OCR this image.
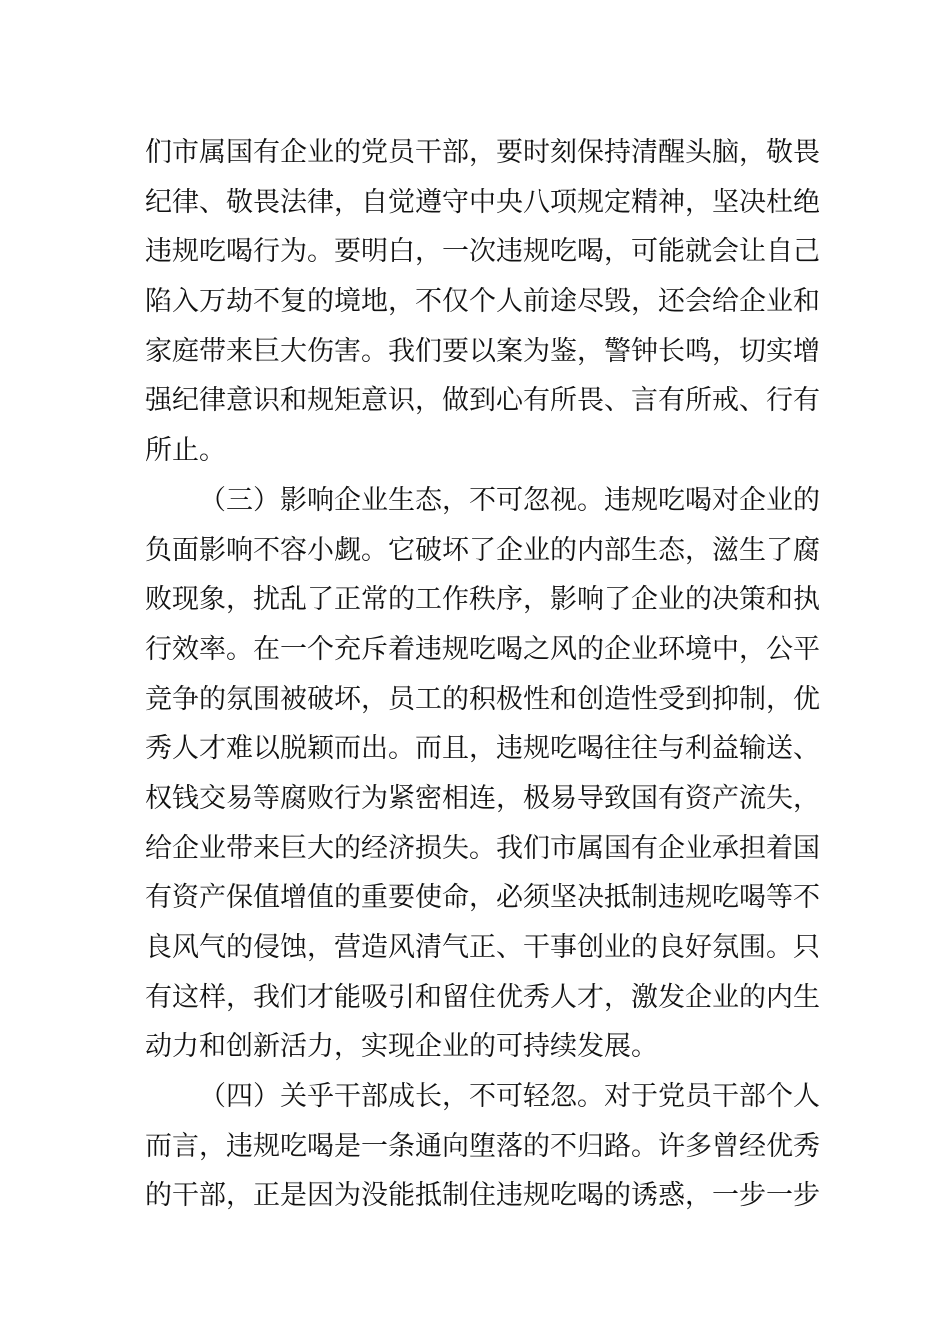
们市属国有企业的党员干部，要时刻保持清醒头脑，敬畏
纪律、敬畏法律，自觉遵守中央八项规定精神，坚决杜绝
违规吃喝行为。要明白，一次违规吃喝，可能就会让自己
陷入万劫不复的境地，不仅个人前途尽毁，还会给企业和
家庭带来巨大伤害。我们要以案为鉴，警钟长鸣，切实增
强纪律意识和规矩意识，做到心有所畏、言有所戒、行有
所止。
（三）影响企业生态，不可忽视。违规吃喝对企业的
负面影响不容小觑。它破坏了企业的内部生态，滋生了腐
败现象，扰乱了正常的工作秩序，影响了企业的决策和执
行效率。在一个充斥着违规吃喝之风的企业环境中，公平
竞争的氛围被破坏，员工的积极性和创造性受到抑制，优
秀人才难以脱颖而出。而且，违规吃喝往往与利益输送、
权钱交易等腐败行为紧密相连，极易导致国有资产流失，
给企业带来巨大的经济损失。我们市属国有企业承担着国
有资产保值增值的重要使命，必须坚决抵制违规吃喝等不
良风气的侵蚀，营造风清气正、干事创业的良好氛围。只
有这样，我们才能吸引和留住优秀人才，激发企业的内生
动力和创新活力，实现企业的可持续发展。
（四）关乎干部成长，不可轻忽。对于党员干部个人
而言，违规吃喝是一条通向堕落的不归路。许多曾经优秀
的干部，正是因为没能抵制住违规吃喝的诱惑，一步一步
